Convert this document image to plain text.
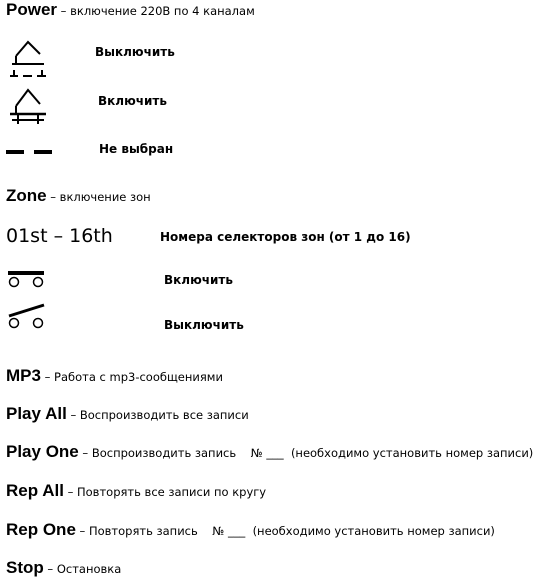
Power – включение 220В по 4 каналам
Выключить
Включить
Не выбран
Zone – включение зон
01st – 16th	Номера селекторов зон (от 1 до 16)
Включить
Выключить
MP3 – Работа с mp3-сообщениями
Play All – Воспроизводить все записи
Play One – Воспроизводить запись    № ___  (необходимо установить номер записи)
Rep All – Повторять все записи по кругу
Rep One – Повторять запись    № ___  (необходимо установить номер записи)
Stop – Остановка
